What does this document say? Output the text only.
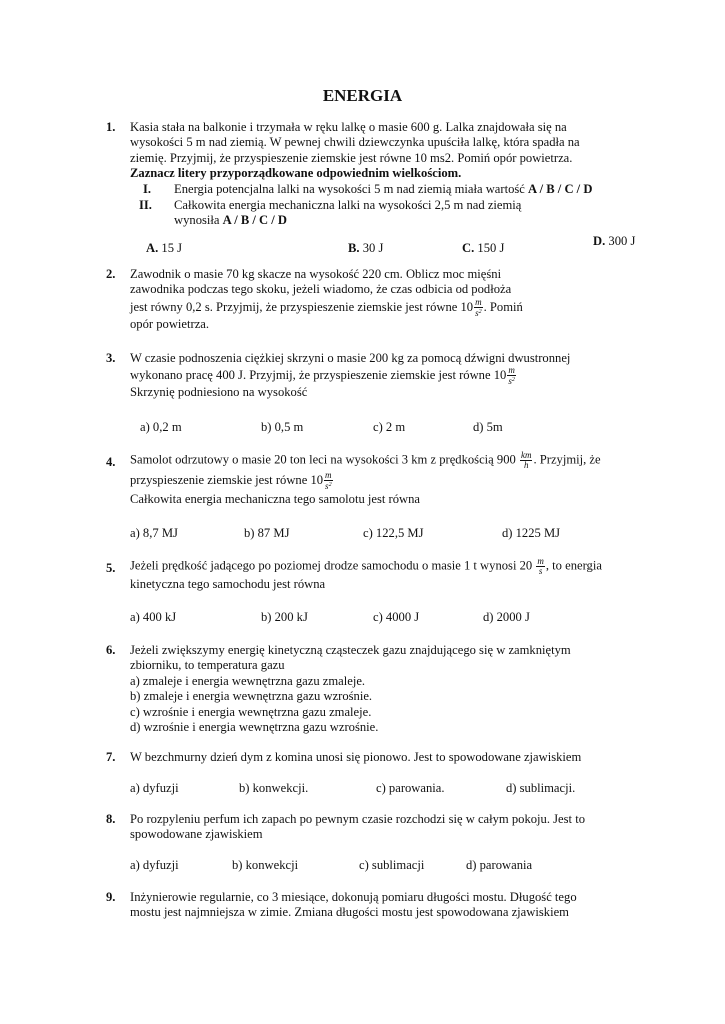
ENERGIA
1.	Kasia stała na balkonie i trzymała w ręku lalkę o masie 600 g. Lalka znajdowała się na
wysokości 5 m nad ziemią. W pewnej chwili dziewczynka upuściła lalkę, która spadła na
ziemię. Przyjmij, że przyspieszenie ziemskie jest równe 10 ms2. Pomiń opór powietrza.
Zaznacz litery przyporządkowane odpowiednim wielkościom.
I. Energia potencjalna lalki na wysokości 5 m nad ziemią miała wartość A / B / C / D
II. Całkowita energia mechaniczna lalki na wysokości 2,5 m nad ziemią
wynosiła A / B / C / D
A. 15 J	B. 30 J	C. 150 J	D. 300 J
2.	Zawodnik o masie 70 kg skacze na wysokość 220 cm. Oblicz moc mięśni
zawodnika podczas tego skoku, jeżeli wiadomo, że czas odbicia od podłoża
jest równy 0,2 s. Przyjmij, że przyspieszenie ziemskie jest równe $10 \frac{m}{s^2}$ . Pomiń
opór powietrza.
3.	W czasie podnoszenia ciężkiej skrzyni o masie 200 kg za pomocą dźwigni dwustronnej
wykonano pracę 400 J. Przyjmij, że przyspieszenie ziemskie jest równe $10 \frac{m}{s^2}$
Skrzynię podniesiono na wysokość
a) 0,2 m	b) 0,5 m	c) 2 m	d) 5m
4.	Samolot odrzutowy o masie 20 ton leci na wysokości 3 km z prędkością $900 \frac{km}{h}$ . Przyjmij, że
przyspieszenie ziemskie jest równe $10 \frac{m}{s^2}$
Całkowita energia mechaniczna tego samolotu jest równa
a) 8,7 MJ	b) 87 MJ	c) 122,5 MJ	d) 1225 MJ
5.	Jeżeli prędkość jadącego po poziomej drodze samochodu o masie 1 t wynosi $20 \frac{m}{s}$ , to energia
kinetyczna tego samochodu jest równa
a) 400 kJ	b) 200 kJ	c) 4000 J	d) 2000 J
6.	Jeżeli zwiększymy energię kinetyczną cząsteczek gazu znajdującego się w zamkniętym
zbiorniku, to temperatura gazu
a) zmaleje i energia wewnętrzna gazu zmaleje.
b) zmaleje i energia wewnętrzna gazu wzrośnie.
c) wzrośnie i energia wewnętrzna gazu zmaleje.
d) wzrośnie i energia wewnętrzna gazu wzrośnie.
7.	W bezchmurny dzień dym z komina unosi się pionowo. Jest to spowodowane zjawiskiem
a) dyfuzji	b) konwekcji.	c) parowania.	d) sublimacji.
8.	Po rozpyleniu perfum ich zapach po pewnym czasie rozchodzi się w całym pokoju. Jest to
spowodowane zjawiskiem
a) dyfuzji	b) konwekcji	c) sublimacji	d) parowania
9.	Inżynierowie regularnie, co 3 miesiące, dokonują pomiaru długości mostu. Długość tego
mostu jest najmniejsza w zimie. Zmiana długości mostu jest spowodowana zjawiskiem
